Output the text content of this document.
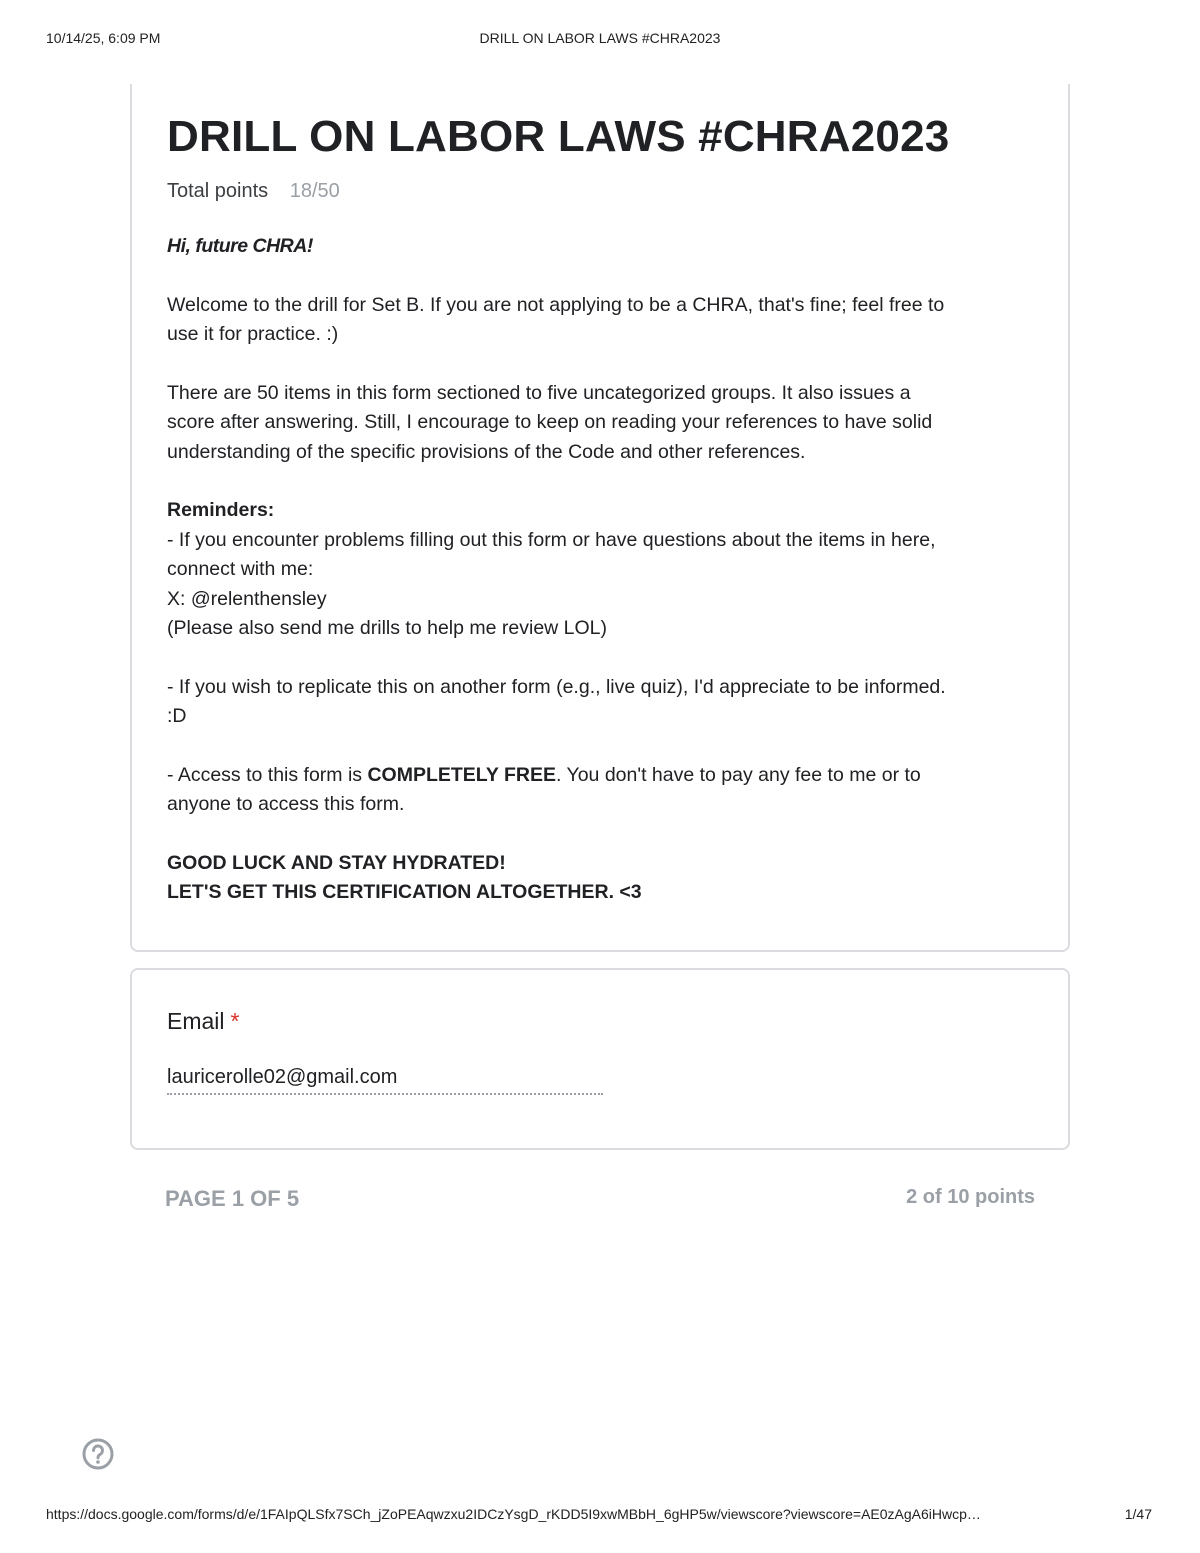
10/14/25, 6:09 PM	DRILL ON LABOR LAWS #CHRA2023
DRILL ON LABOR LAWS #CHRA2023
Total points 18/50

Hi, future CHRA!

Welcome to the drill for Set B. If you are not applying to be a CHRA, that's fine; feel free to
use it for practice. :)

There are 50 items in this form sectioned to five uncategorized groups. It also issues a
score after answering. Still, I encourage to keep on reading your references to have solid
understanding of the specific provisions of the Code and other references.

Reminders:
- If you encounter problems filling out this form or have questions about the items in here,
connect with me:
X: @relenthensley
(Please also send me drills to help me review LOL)

- If you wish to replicate this on another form (e.g., live quiz), I'd appreciate to be informed.
:D

- Access to this form is COMPLETELY FREE. You don't have to pay any fee to me or to
anyone to access this form.

GOOD LUCK AND STAY HYDRATED!
LET'S GET THIS CERTIFICATION ALTOGETHER. <3

Email *
lauricerolle02@gmail.com
PAGE 1 OF 5	2 of 10 points
https://docs.google.com/forms/d/e/1FAIpQLSfx7SCh_jZoPEAqwzxu2IDCzYsgD_rKDD5I9xwMBbH_6gHP5w/viewscore?viewscore=AE0zAgA6iHwcp…	1/47
